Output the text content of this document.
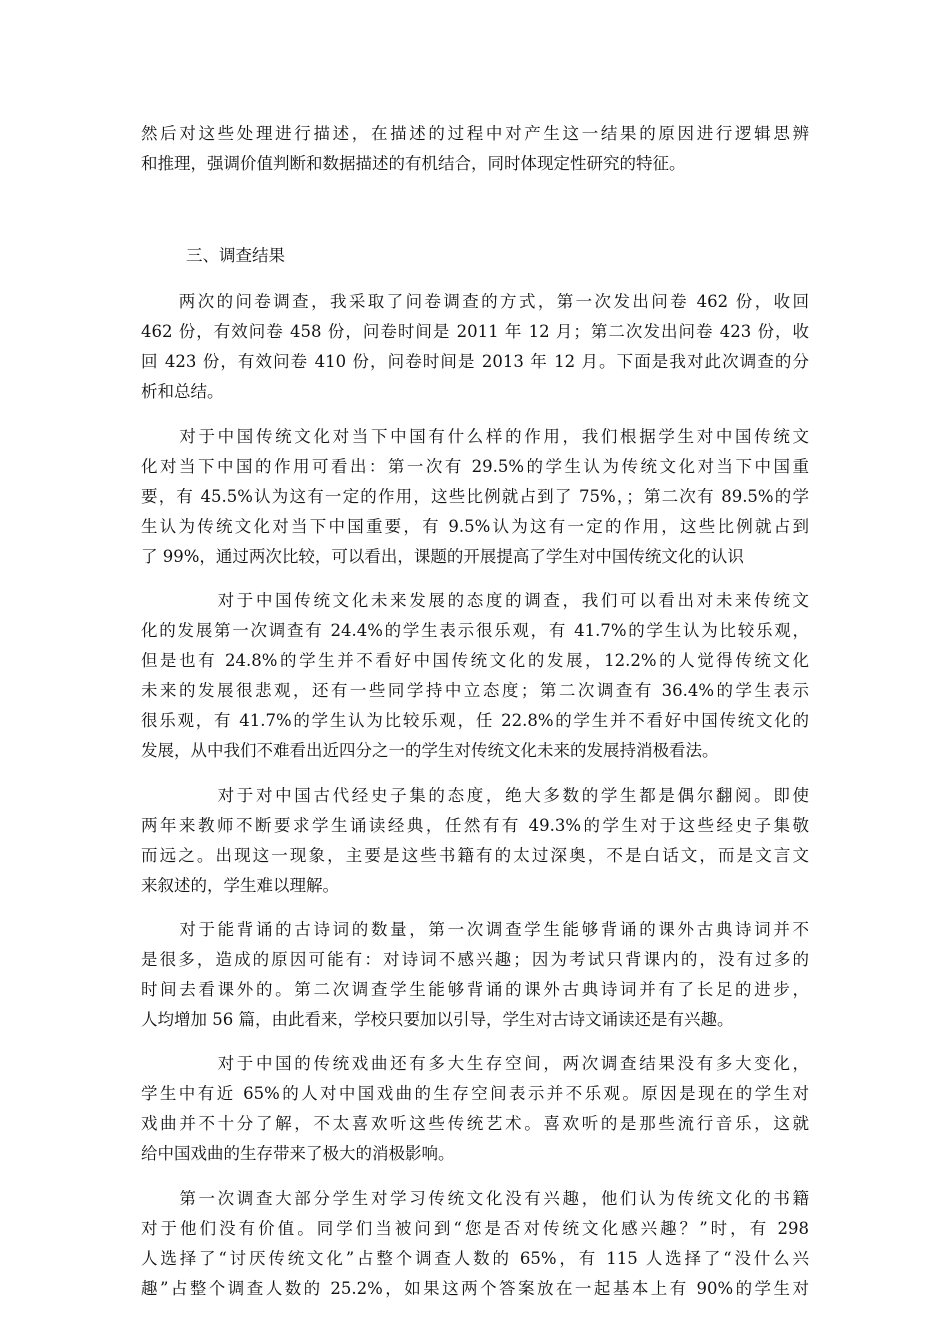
然后对这些处理进行描述，在描述的过程中对产生这一结果的原因进行逻辑思辨
和推理，强调价值判断和数据描述的有机结合，同时体现定性研究的特征。
三、调查结果
　　两次的问卷调查，我采取了问卷调查的方式，第一次发出问卷 462 份，收回
462 份，有效问卷 458 份，问卷时间是 2011 年 12 月；第二次发出问卷 423 份，收
回 423 份，有效问卷 410 份，问卷时间是 2013 年 12 月。下面是我对此次调查的分
析和总结。
　　对于中国传统文化对当下中国有什么样的作用，我们根据学生对中国传统文
化对当下中国的作用可看出：第一次有 29.5%的学生认为传统文化对当下中国重
要，有 45.5%认为这有一定的作用，这些比例就占到了 75%，；第二次有 89.5%的学
生认为传统文化对当下中国重要，有 9.5%认为这有一定的作用，这些比例就占到
了 99%，通过两次比较，可以看出，课题的开展提高了学生对中国传统文化的认识
　　　　对于中国传统文化未来发展的态度的调查，我们可以看出对未来传统文
化的发展第一次调查有 24.4%的学生表示很乐观，有 41.7%的学生认为比较乐观，
但是也有 24.8%的学生并不看好中国传统文化的发展，12.2%的人觉得传统文化
未来的发展很悲观，还有一些同学持中立态度；第二次调查有 36.4%的学生表示
很乐观，有 41.7%的学生认为比较乐观，任 22.8%的学生并不看好中国传统文化的
发展，从中我们不难看出近四分之一的学生对传统文化未来的发展持消极看法。
　　　　对于对中国古代经史子集的态度，绝大多数的学生都是偶尔翻阅。即使
两年来教师不断要求学生诵读经典，任然有有 49.3%的学生对于这些经史子集敬
而远之。出现这一现象，主要是这些书籍有的太过深奥，不是白话文，而是文言文
来叙述的，学生难以理解。
　　对于能背诵的古诗词的数量，第一次调查学生能够背诵的课外古典诗词并不
是很多，造成的原因可能有：对诗词不感兴趣；因为考试只背课内的，没有过多的
时间去看课外的。第二次调查学生能够背诵的课外古典诗词并有了长足的进步，
人均增加 56 篇，由此看来，学校只要加以引导，学生对古诗文诵读还是有兴趣。
　　　　对于中国的传统戏曲还有多大生存空间，两次调查结果没有多大变化，
学生中有近 65%的人对中国戏曲的生存空间表示并不乐观。原因是现在的学生对
戏曲并不十分了解，不太喜欢听这些传统艺术。喜欢听的是那些流行音乐，这就
给中国戏曲的生存带来了极大的消极影响。
　　第一次调查大部分学生对学习传统文化没有兴趣，他们认为传统文化的书籍
对于他们没有价值。同学们当被问到“您是否对传统文化感兴趣？”时，有 298
人选择了“讨厌传统文化”占整个调查人数的 65%，有 115 人选择了“没什么兴
趣”占整个调查人数的 25.2%，如果这两个答案放在一起基本上有 90%的学生对
